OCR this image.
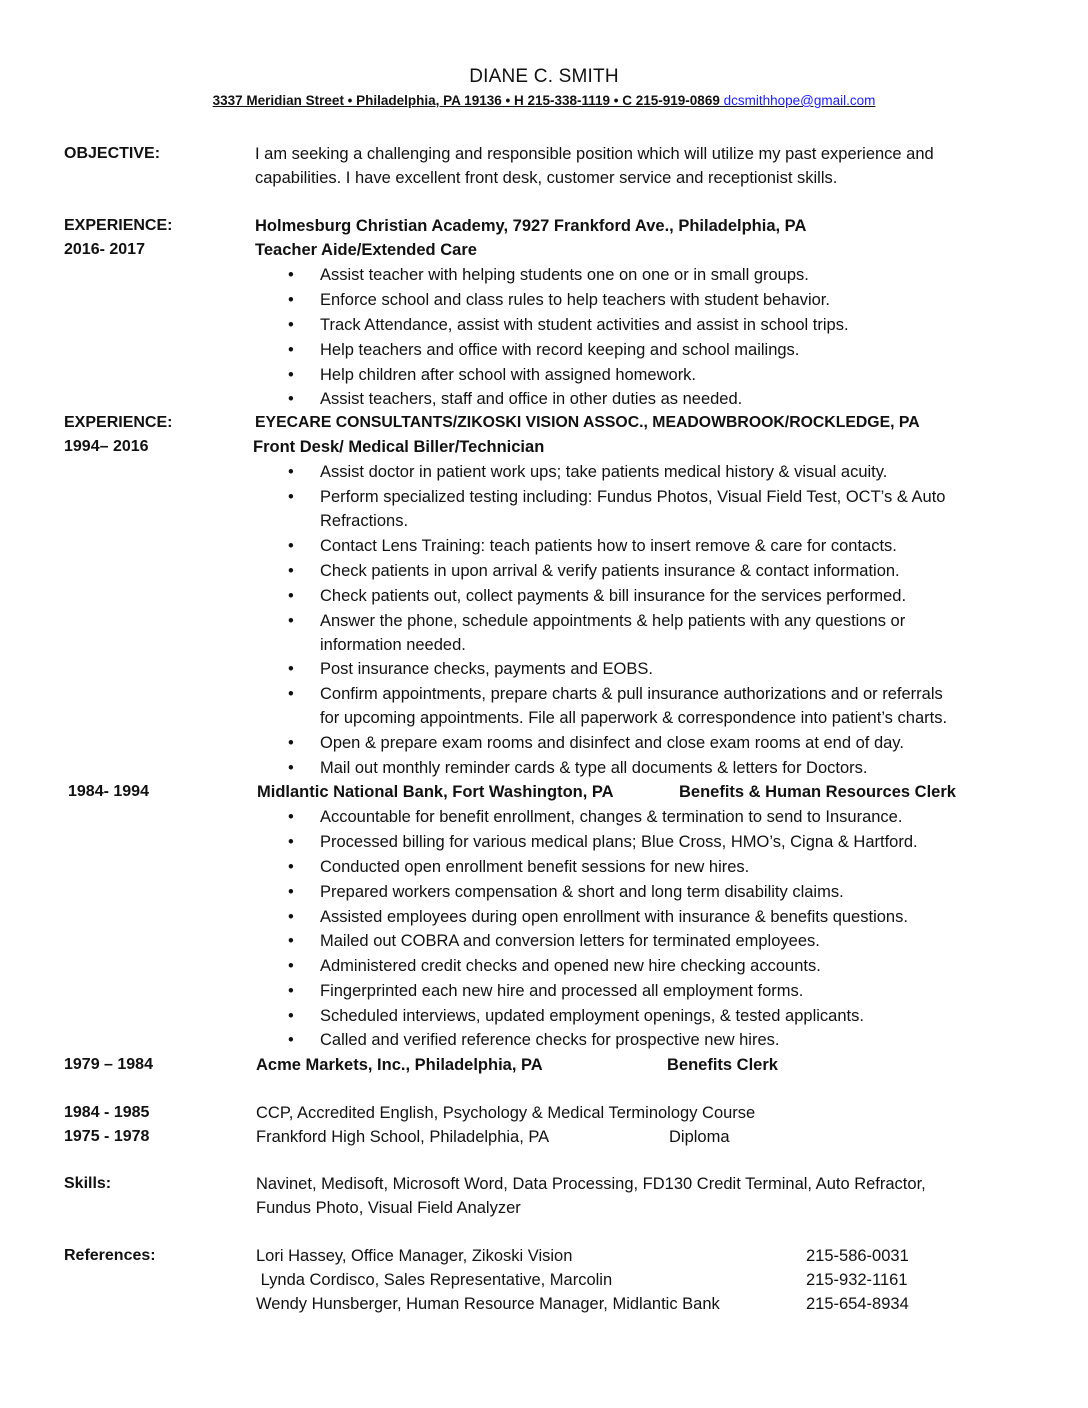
DIANE C. SMITH
3337 Meridian Street • Philadelphia, PA 19136 • H 215-338-1119 • C 215-919-0869 dcsmithhope@gmail.com
OBJECTIVE:	I am seeking a challenging and responsible position which will utilize my past experience and
capabilities. I have excellent front desk, customer service and receptionist skills.
EXPERIENCE:	Holmesburg Christian Academy, 7927 Frankford Ave., Philadelphia, PA
2016- 2017	Teacher Aide/Extended Care
• Assist teacher with helping students one on one or in small groups.
• Enforce school and class rules to help teachers with student behavior.
• Track Attendance, assist with student activities and assist in school trips.
• Help teachers and office with record keeping and school mailings.
• Help children after school with assigned homework.
• Assist teachers, staff and office in other duties as needed.
EXPERIENCE:	EYECARE CONSULTANTS/ZIKOSKI VISION ASSOC., MEADOWBROOK/ROCKLEDGE, PA
1994– 2016	Front Desk/ Medical Biller/Technician
• Assist doctor in patient work ups; take patients medical history & visual acuity.
• Perform specialized testing including: Fundus Photos, Visual Field Test, OCT’s & Auto
Refractions.
• Contact Lens Training: teach patients how to insert remove & care for contacts.
• Check patients in upon arrival & verify patients insurance & contact information.
• Check patients out, collect payments & bill insurance for the services performed.
• Answer the phone, schedule appointments & help patients with any questions or
information needed.
• Post insurance checks, payments and EOBS.
• Confirm appointments, prepare charts & pull insurance authorizations and or referrals
for upcoming appointments. File all paperwork & correspondence into patient’s charts.
• Open & prepare exam rooms and disinfect and close exam rooms at end of day.
• Mail out monthly reminder cards & type all documents & letters for Doctors.
1984- 1994	Midlantic National Bank, Fort Washington, PA	Benefits & Human Resources Clerk
• Accountable for benefit enrollment, changes & termination to send to Insurance.
• Processed billing for various medical plans; Blue Cross, HMO’s, Cigna & Hartford.
• Conducted open enrollment benefit sessions for new hires.
• Prepared workers compensation & short and long term disability claims.
• Assisted employees during open enrollment with insurance & benefits questions.
• Mailed out COBRA and conversion letters for terminated employees.
• Administered credit checks and opened new hire checking accounts.
• Fingerprinted each new hire and processed all employment forms.
• Scheduled interviews, updated employment openings, & tested applicants.
• Called and verified reference checks for prospective new hires.
1979 – 1984	Acme Markets, Inc., Philadelphia, PA	Benefits Clerk
1984 - 1985	CCP, Accredited English, Psychology & Medical Terminology Course
1975 - 1978	Frankford High School, Philadelphia, PA	Diploma
Skills:	Navinet, Medisoft, Microsoft Word, Data Processing, FD130 Credit Terminal, Auto Refractor,
Fundus Photo, Visual Field Analyzer
References:	Lori Hassey, Office Manager, Zikoski Vision	215-586-0031
Lynda Cordisco, Sales Representative, Marcolin	215-932-1161
Wendy Hunsberger, Human Resource Manager, Midlantic Bank	215-654-8934
